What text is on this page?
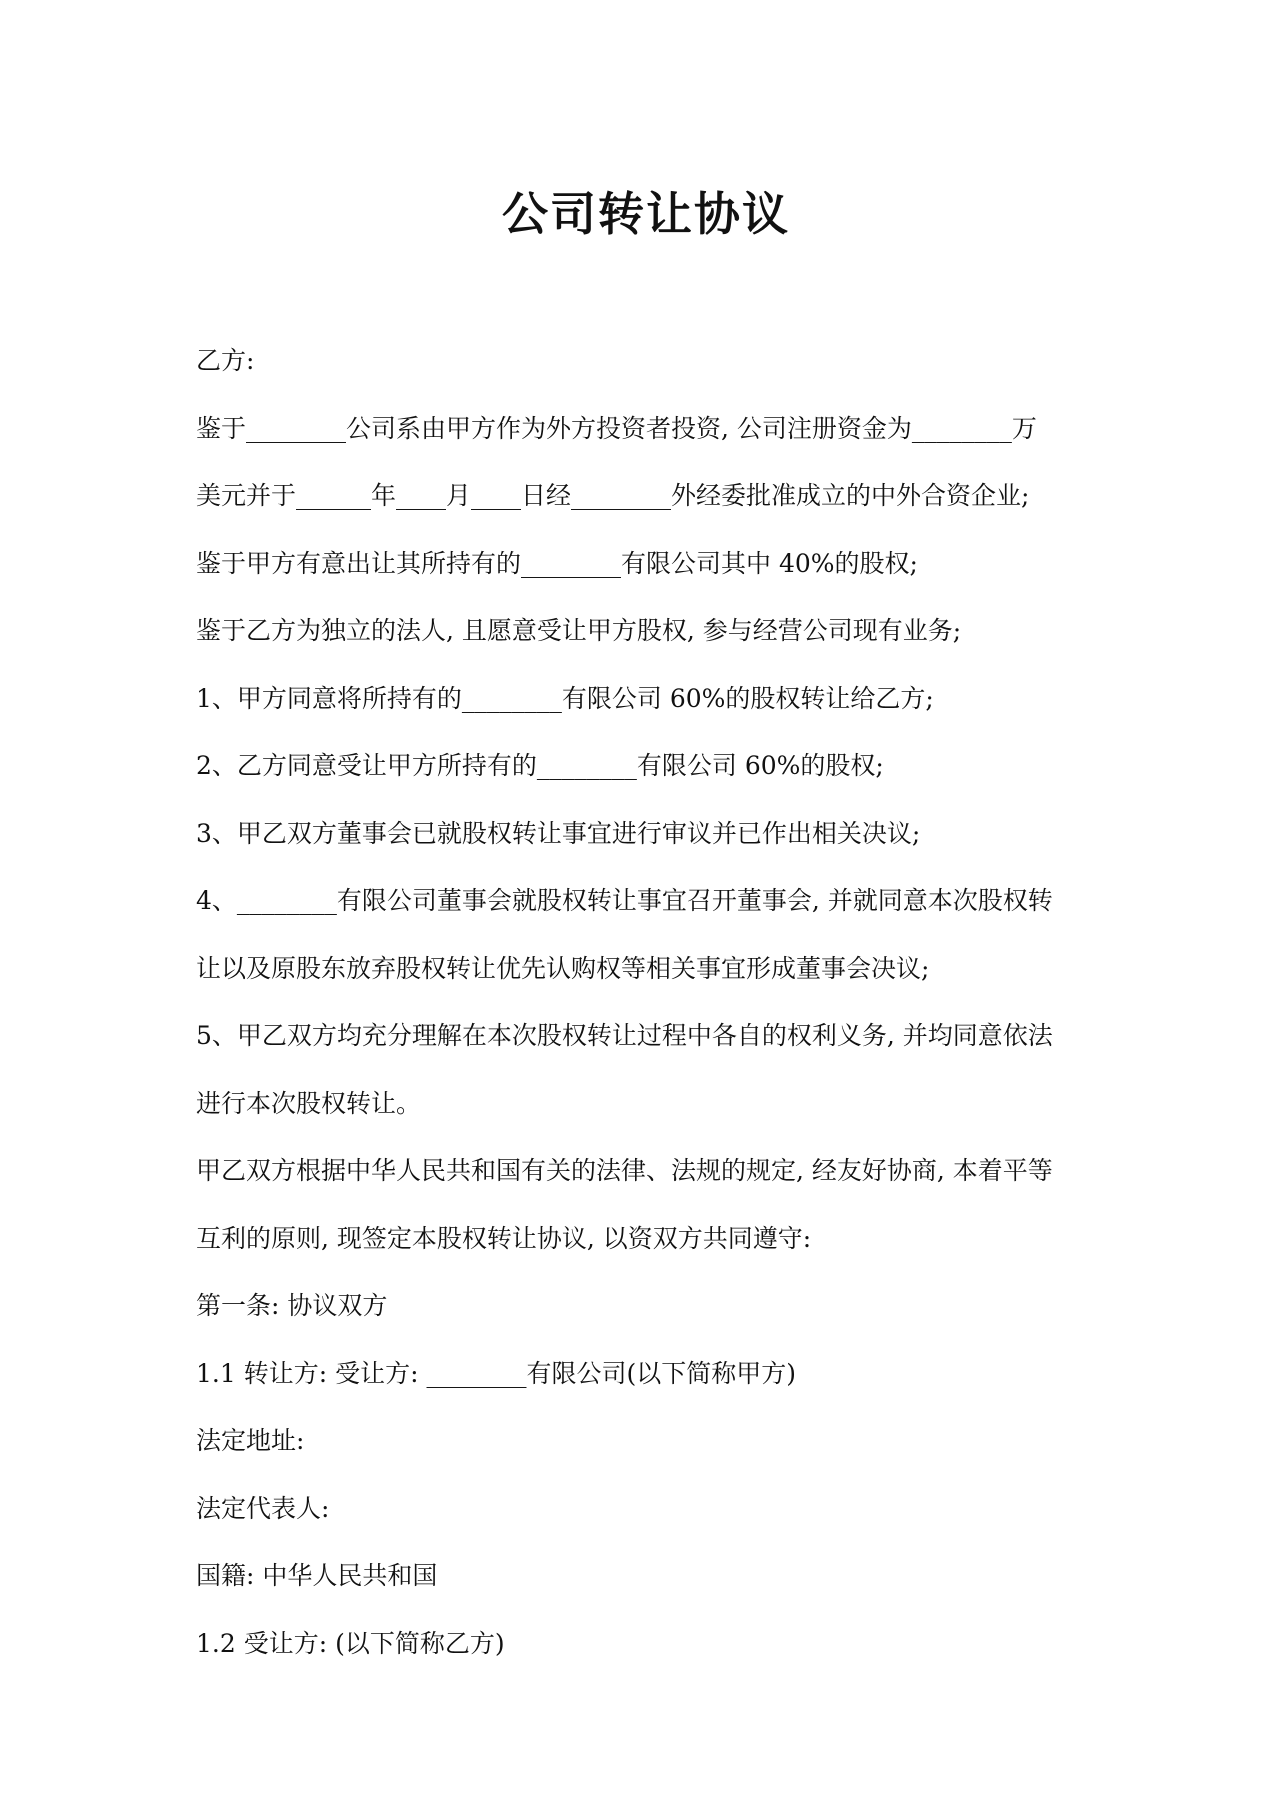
公司转让协议
乙方:
鉴于________公司系由甲方作为外方投资者投资, 公司注册资金为________万
美元并于______年____月____日经________外经委批准成立的中外合资企业;
鉴于甲方有意出让其所持有的________有限公司其中 40%的股权;
鉴于乙方为独立的法人, 且愿意受让甲方股权, 参与经营公司现有业务;
1、甲方同意将所持有的________有限公司 60%的股权转让给乙方;
2、乙方同意受让甲方所持有的________有限公司 60%的股权;
3、甲乙双方董事会已就股权转让事宜进行审议并已作出相关决议;
4、________有限公司董事会就股权转让事宜召开董事会, 并就同意本次股权转
让以及原股东放弃股权转让优先认购权等相关事宜形成董事会决议;
5、甲乙双方均充分理解在本次股权转让过程中各自的权利义务, 并均同意依法
进行本次股权转让。
甲乙双方根据中华人民共和国有关的法律、法规的规定, 经友好协商, 本着平等
互利的原则, 现签定本股权转让协议, 以资双方共同遵守:
第一条: 协议双方
1.1 转让方: 受让方: ________有限公司(以下简称甲方)
法定地址:
法定代表人:
国籍: 中华人民共和国
1.2 受让方: (以下简称乙方)
